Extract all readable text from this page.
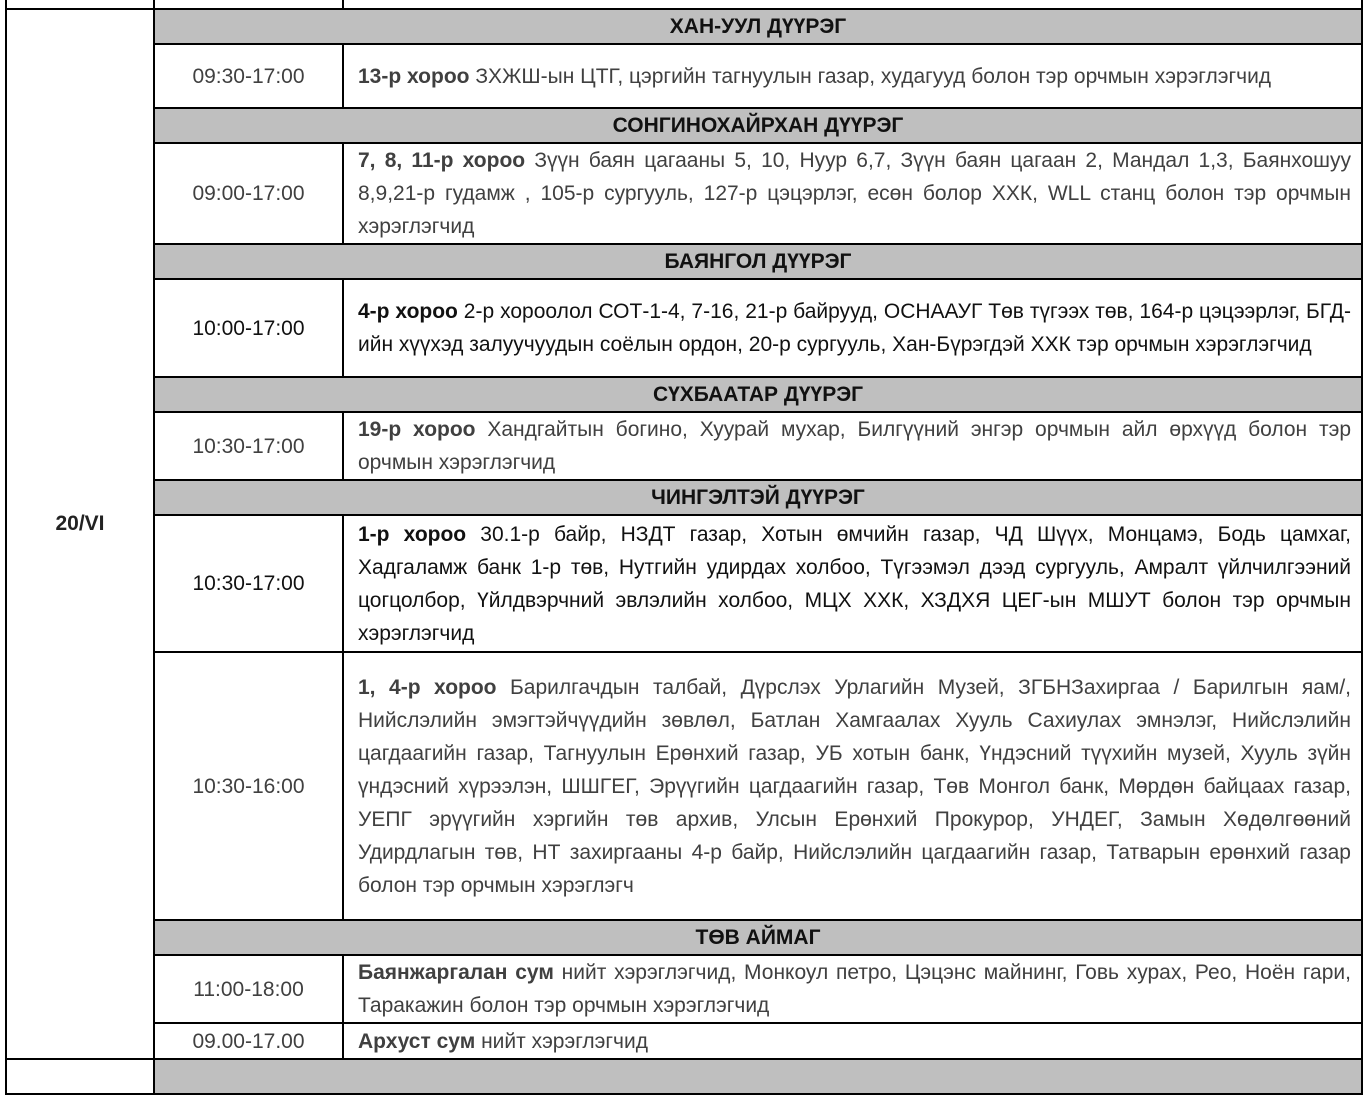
20/VI	ХАН-УУЛ ДҮҮРЭГ	
	09:30-17:00	13-р хороо ЗХЖШ-ын ЦТГ, цэргийн тагнуулын газар, худагууд болон тэр орчмын хэрэглэгчид
	СОНГИНОХАЙРХАН ДҮҮРЭГ	
	09:00-17:00	7, 8, 11-р хороо Зүүн баян цагааны 5, 10, Нуур 6,7, Зүүн баян цагаан 2, Мандал 1,3, Баянхошуу 8,9,21-р гудамж , 105-р сургууль, 127-р цэцэрлэг, есөн болор ХХК, WLL станц болон тэр орчмын хэрэглэгчид
	БАЯНГОЛ ДҮҮРЭГ	
	10:00-17:00	4-р хороо 2-р хороолол СОТ-1-4, 7-16, 21-р байрууд, ОСНААУГ Төв түгээх төв, 164-р цэцээрлэг, БГД-ийн хүүхэд залуучуудын соёлын ордон, 20-р сургууль, Хан-Бүрэгдэй ХХК тэр орчмын хэрэглэгчид
	СҮХБААТАР ДҮҮРЭГ	
	10:30-17:00	19-р хороо Хандгайтын богино, Хуурай мухар, Билгүүний энгэр орчмын айл өрхүүд болон тэр орчмын хэрэглэгчид
	ЧИНГЭЛТЭЙ ДҮҮРЭГ	
	10:30-17:00	1-р хороо 30.1-р байр, НЗДТ газар, Хотын өмчийн газар, ЧД Шүүх, Монцамэ, Бодь цамхаг, Хадгаламж банк 1-р төв, Нутгийн удирдах холбоо, Түгээмэл дээд сургууль, Амралт үйлчилгээний цогцолбор, Үйлдвэрчний эвлэлийн холбоо, МЦХ ХХК, ХЗДХЯ ЦЕГ-ын МШУТ болон тэр орчмын хэрэглэгчид
	10:30-16:00	1, 4-р хороо Барилгачдын талбай, Дүрслэх Урлагийн Музей, ЗГБНЗахиргаа / Барилгын яам/, Нийслэлийн эмэгтэйчүүдийн зөвлөл, Батлан Хамгаалах Хууль Сахиулах эмнэлэг, Нийслэлийн цагдаагийн газар, Тагнуулын Ерөнхий газар, УБ хотын банк, Үндэсний түүхийн музей, Хууль зүйн үндэсний хүрээлэн, ШШГЕГ, Эрүүгийн цагдаагийн газар, Төв Монгол банк, Мөрдөн байцаах газар, УЕПГ эрүүгийн хэргийн төв архив, Улсын Ерөнхий Прокурор, УНДЕГ, Замын Хөдөлгөөний Удирдлагын төв, НТ захиргааны 4-р байр, Нийслэлийн цагдаагийн газар, Татварын ерөнхий газар болон тэр орчмын хэрэглэгч
	ТӨВ АЙМАГ	
	11:00-18:00	Баянжаргалан сум нийт хэрэглэгчид, Монкоул петро, Цэцэнс майнинг, Говь хурах, Рео, Ноён гари, Таракажин болон тэр орчмын хэрэглэгчид
	09.00-17.00	Архуст сум нийт хэрэглэгчид
